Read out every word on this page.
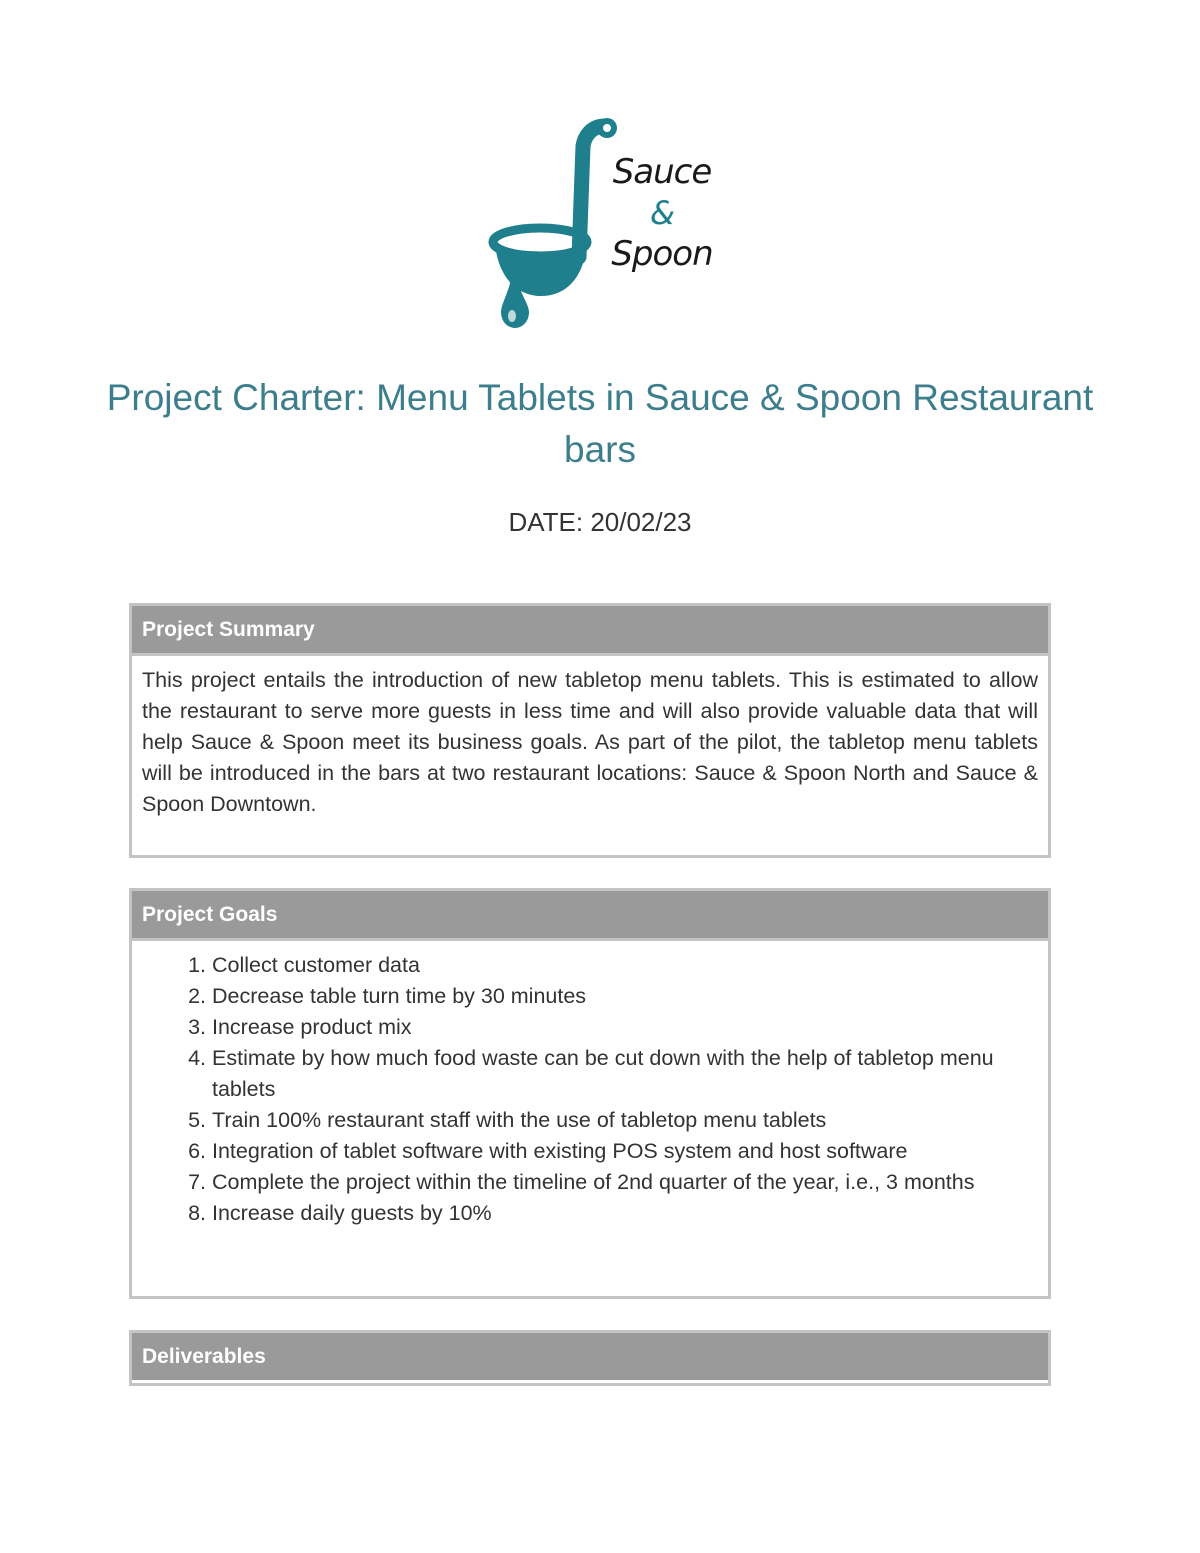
Sauce
&
Spoon
Project Charter: Menu Tablets in Sauce & Spoon Restaurant bars
DATE: 20/02/23
Project Summary

This project entails the introduction of new tabletop menu tablets. This is estimated to allow the restaurant to serve more guests in less time and will also provide valuable data that will help Sauce & Spoon meet its business goals. As part of the pilot, the tabletop menu tablets will be introduced in the bars at two restaurant locations: Sauce & Spoon North and Sauce & Spoon Downtown.

Project Goals
1. Collect customer data
2. Decrease table turn time by 30 minutes
3. Increase product mix
4. Estimate by how much food waste can be cut down with the help of tabletop menu tablets
5. Train 100% restaurant staff with the use of tabletop menu tablets
6. Integration of tablet software with existing POS system and host software
7. Complete the project within the timeline of 2nd quarter of the year, i.e., 3 months
8. Increase daily guests by 10%
Deliverables
